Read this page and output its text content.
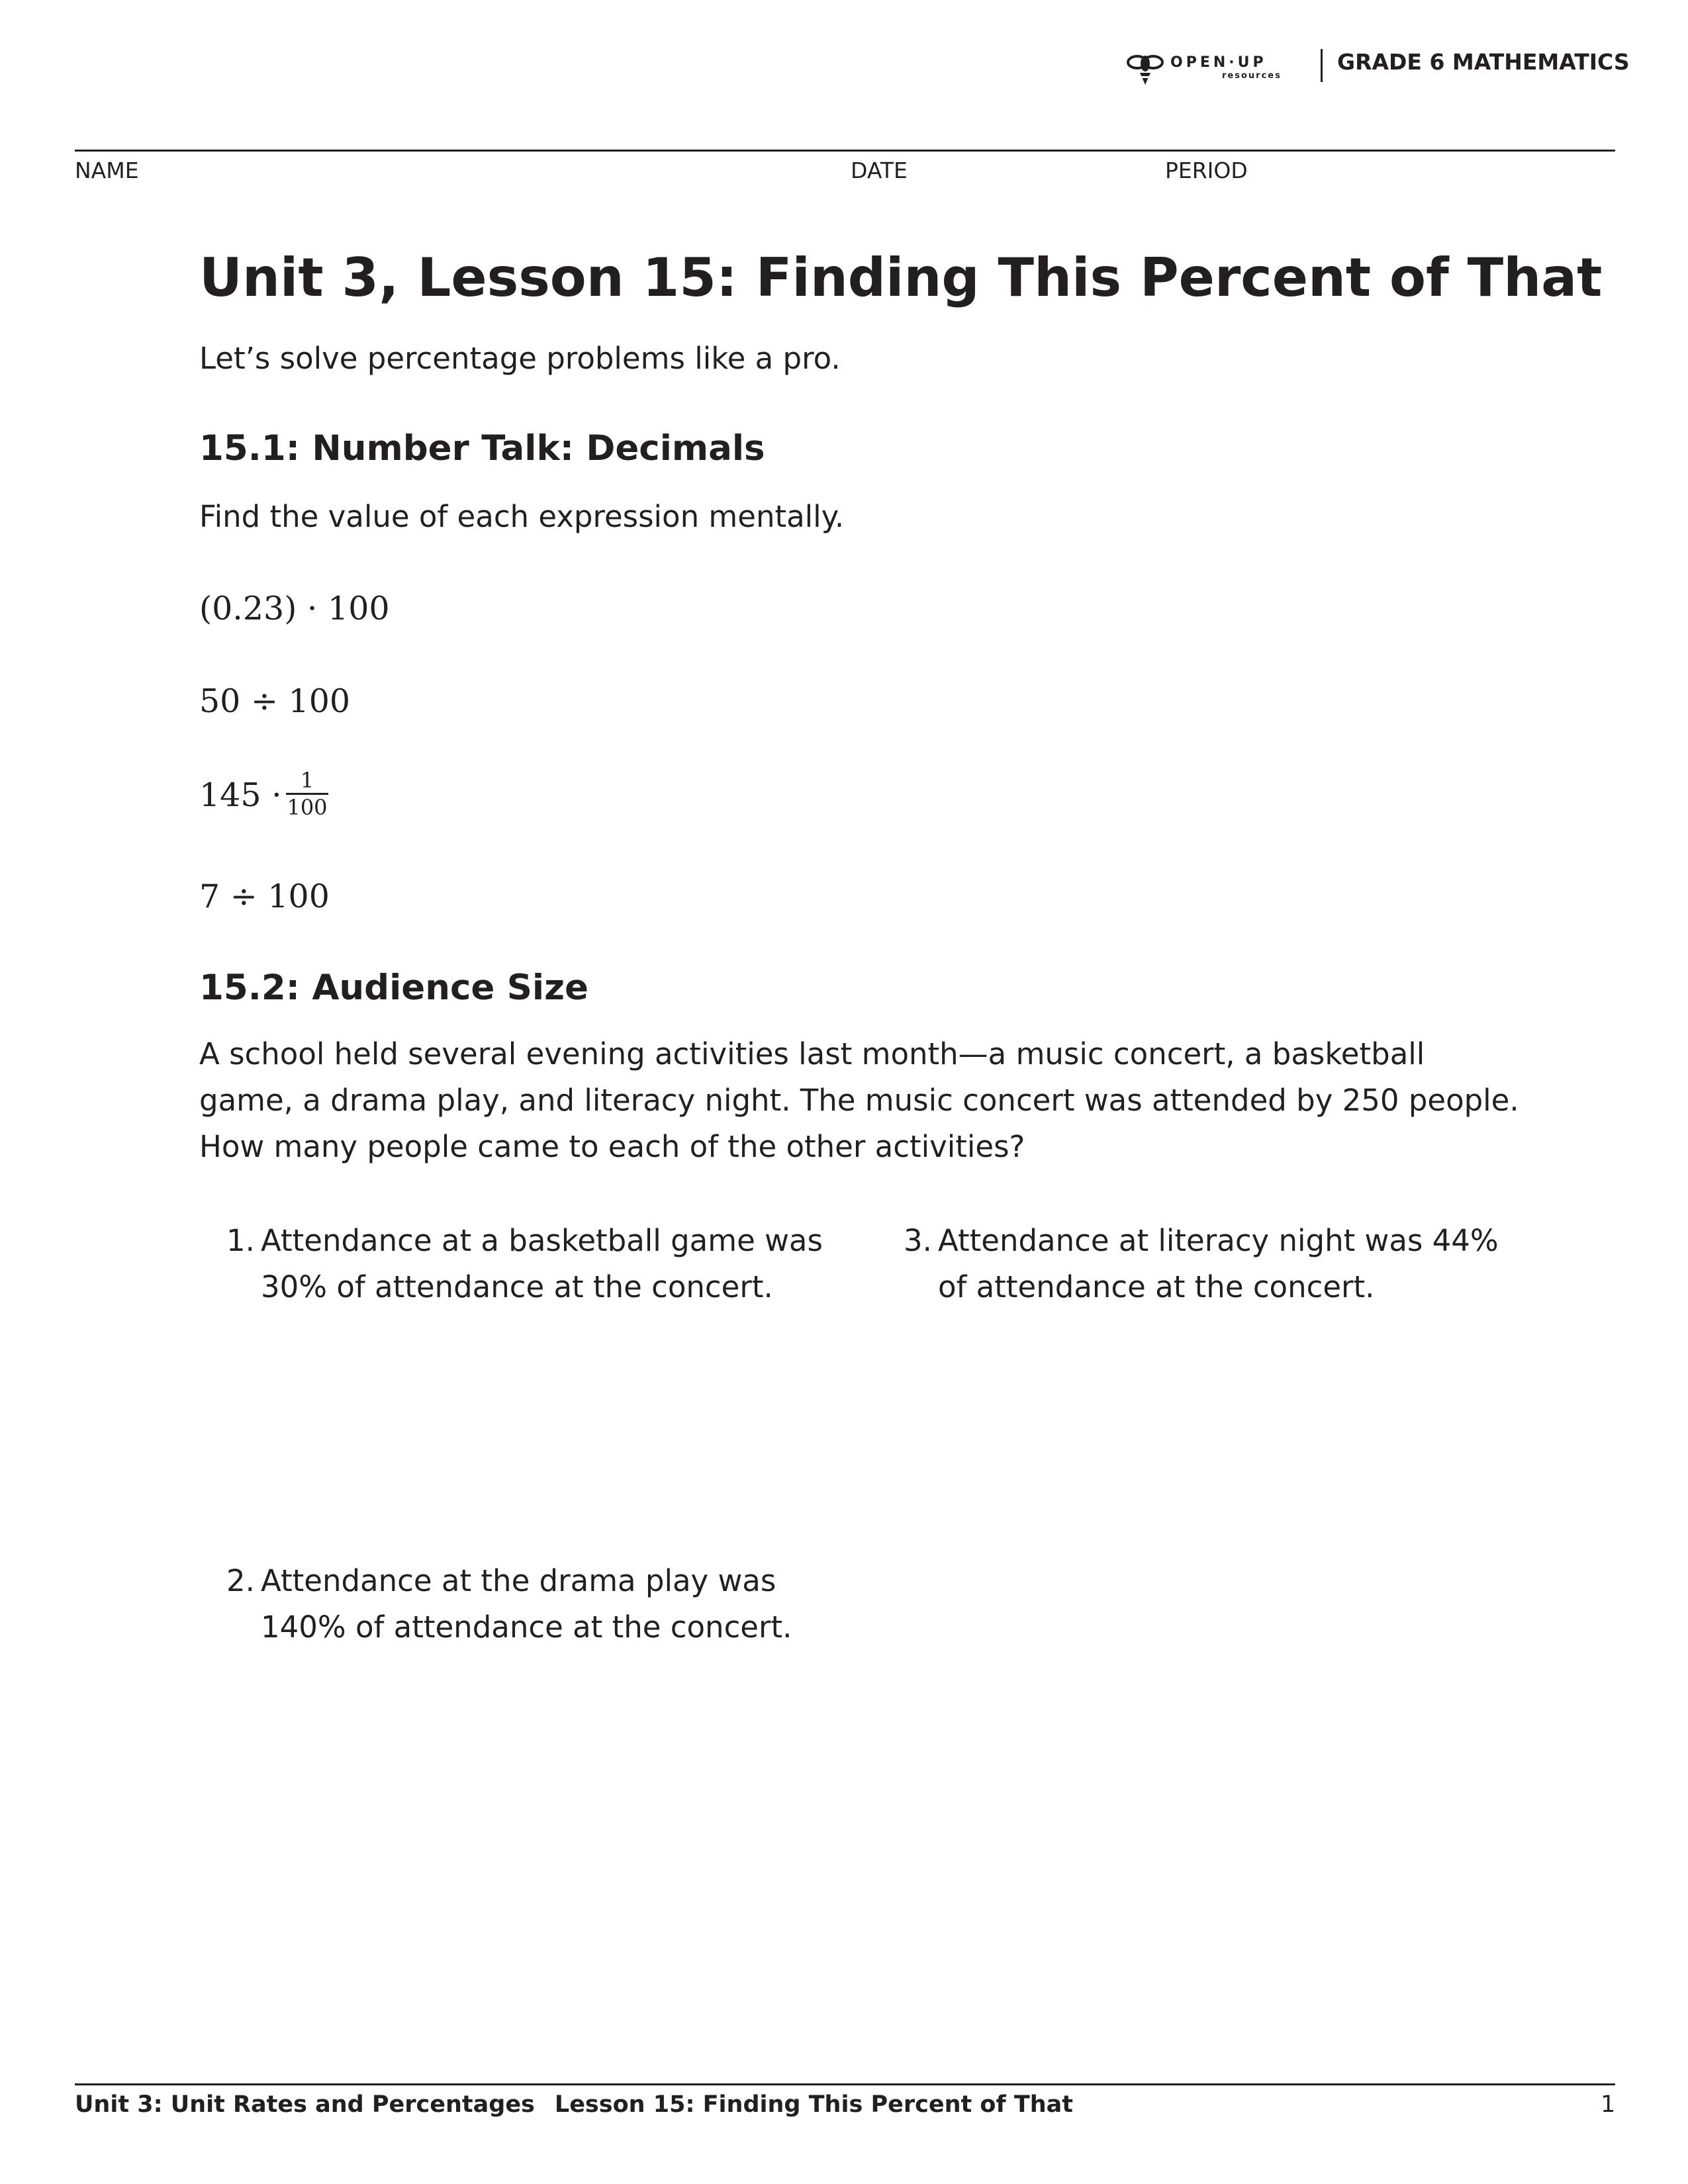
OPEN·UP
resources
GRADE 6 MATHEMATICS
NAME	DATE	PERIOD
Unit 3, Lesson 15: Finding This Percent of That
Let’s solve percentage problems like a pro.
15.1: Number Talk: Decimals
Find the value of each expression mentally.
(0.23) · 100
50 ÷ 100
145 · 1
100
7 ÷ 100
15.2: Audience Size
A school held several evening activities last month—a music concert, a basketball game, a drama play, and literacy night. The music concert was attended by 250 people. How many people came to each of the other activities?
1. Attendance at a basketball game was
30% of attendance at the concert.
2. Attendance at the drama play was
140% of attendance at the concert.
3. Attendance at literacy night was 44%
of attendance at the concert.
Unit 3: Unit Rates and Percentages Lesson 15: Finding This Percent of That	1
